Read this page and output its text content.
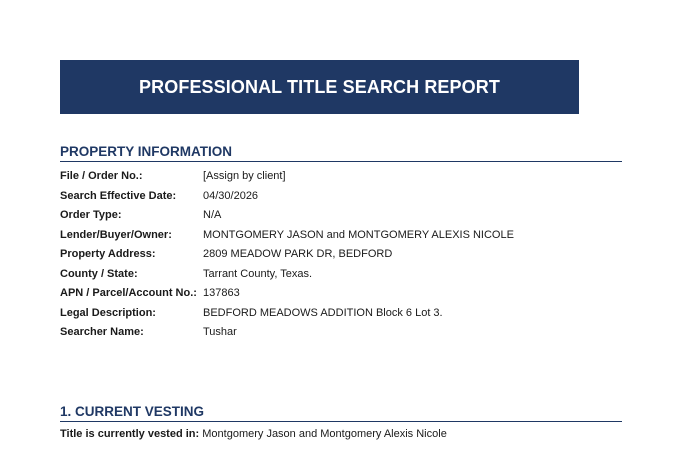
PROFESSIONAL TITLE SEARCH REPORT
PROPERTY INFORMATION
File / Order No.:	[Assign by client]
Search Effective Date:	04/30/2026
Order Type:	N/A
Lender/Buyer/Owner:	MONTGOMERY JASON and MONTGOMERY ALEXIS NICOLE
Property Address:	2809 MEADOW PARK DR, BEDFORD
County / State:	Tarrant County, Texas.
APN / Parcel/Account No.: 137863
Legal Description:	BEDFORD MEADOWS ADDITION Block 6 Lot 3.
Searcher Name:	Tushar
1. CURRENT VESTING
Title is currently vested in: Montgomery Jason and Montgomery Alexis Nicole
